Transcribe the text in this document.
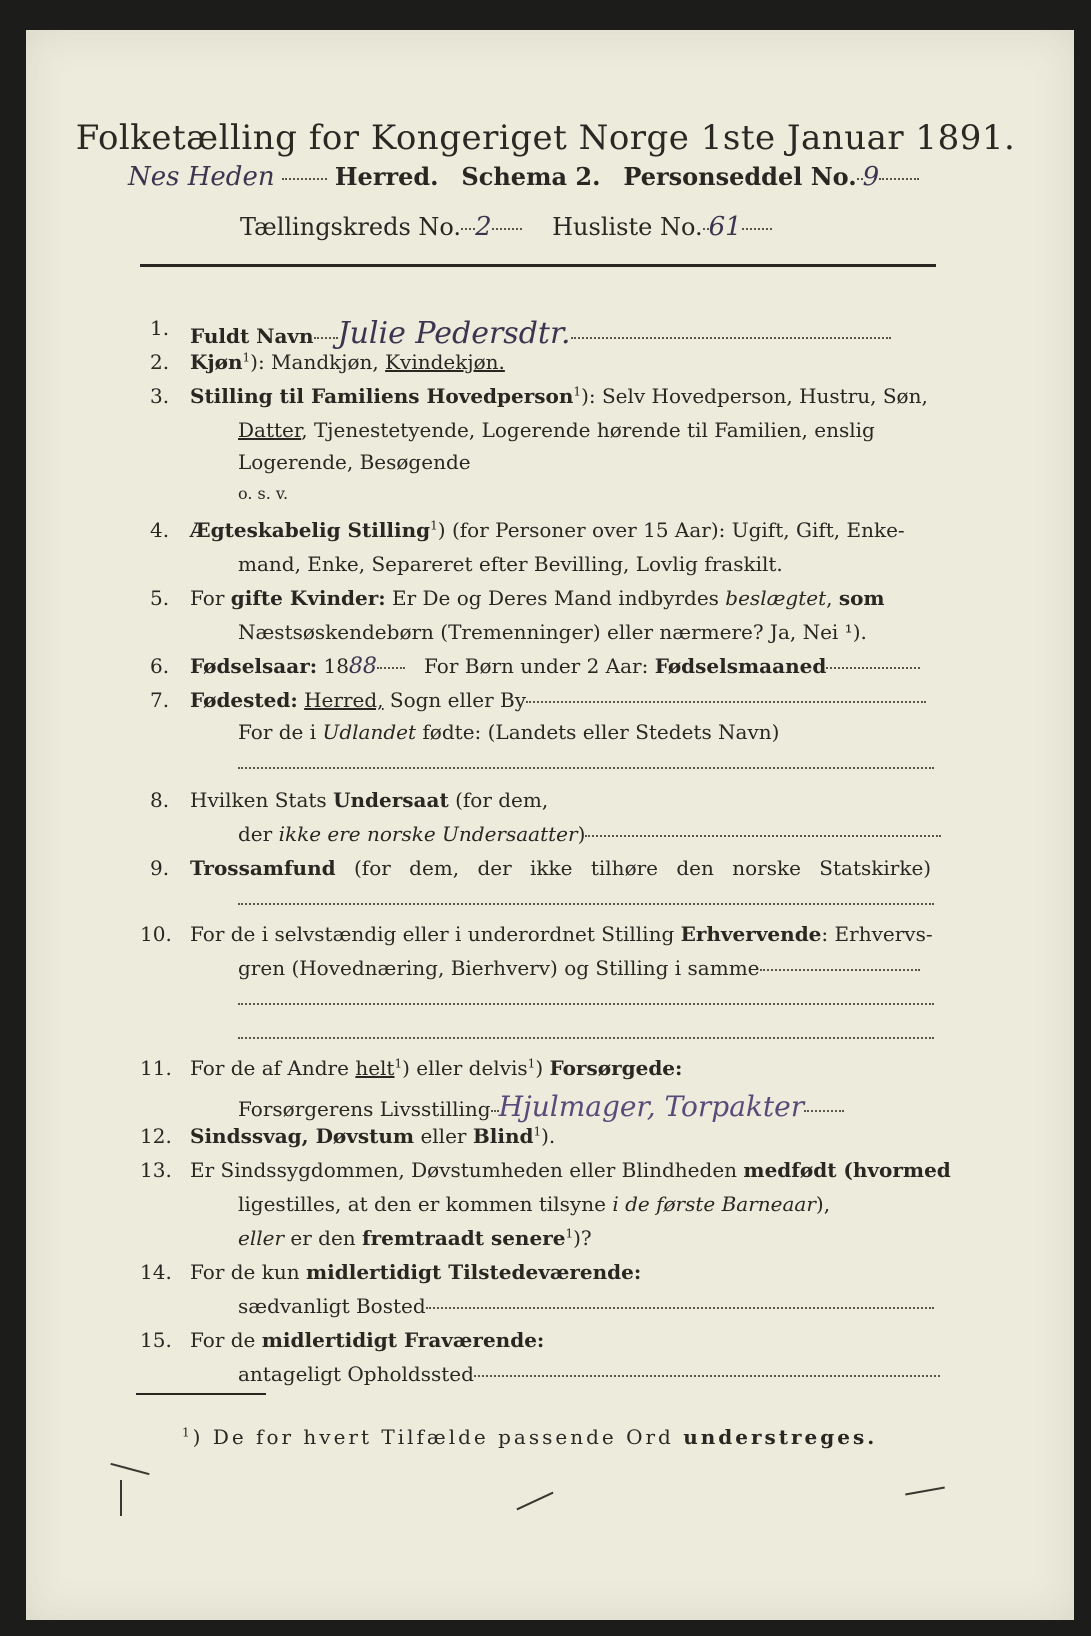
Folketælling for Kongeriget Norge 1ste Januar 1891.
Nes Heden	Herred. Schema 2. Personseddel No. 9
Tællingskreds No. 2	Husliste No. 61
1. Fuldt Navn Julie Pedersdtr.
2. Kjøn$^1$): Mandkjøn, Kvindekjøn.
3. Stilling til Familiens Hovedperson$^1$): Selv Hovedperson, Hustru, Søn,
Datter, Tjenestetyende, Logerende hørende til Familien, enslig
Logerende, Besøgende
o. s. v.
4. Ægteskabelig Stilling$^1$) (for Personer over 15 Aar): Ugift, Gift, Enke-
mand, Enke, Separeret efter Bevilling, Lovlig fraskilt.
5. For gifte Kvinder: Er De og Deres Mand indbyrdes beslægtet, som
Næstsøskendebørn (Tremenninger) eller nærmere? Ja, Nei ¹).
6. Fødselsaar: 1888 For Børn under 2 Aar: Fødselsmaaned
7. Fødested: Herred, Sogn eller By
For de i Udlandet fødte: (Landets eller Stedets Navn)
8. Hvilken Stats Undersaat (for dem,
der ikke ere norske Undersaatter)
9. Trossamfund (for dem, der ikke tilhøre den norske Statskirke)
10. For de i selvstændig eller i underordnet Stilling Erhvervende: Erhvervs-
gren (Hovednæring, Bierhverv) og Stilling i samme
11. For de af Andre helt$^1$) eller delvis$^1$) Forsørgede:
Forsørgerens Livsstilling Hjulmager, Torpakter
12. Sindssvag, Døvstum eller Blind$^1$).
13. Er Sindssygdommen, Døvstumheden eller Blindheden medfødt (hvormed
ligestilles, at den er kommen tilsyne i de første Barneaar),
eller er den fremtraadt senere$^1$)?
14. For de kun midlertidigt Tilstedeværende:
sædvanligt Bosted
15. For de midlertidigt Fraværende:
antageligt Opholdssted
$^1$) De for hvert Tilfælde passende Ord understreges.
